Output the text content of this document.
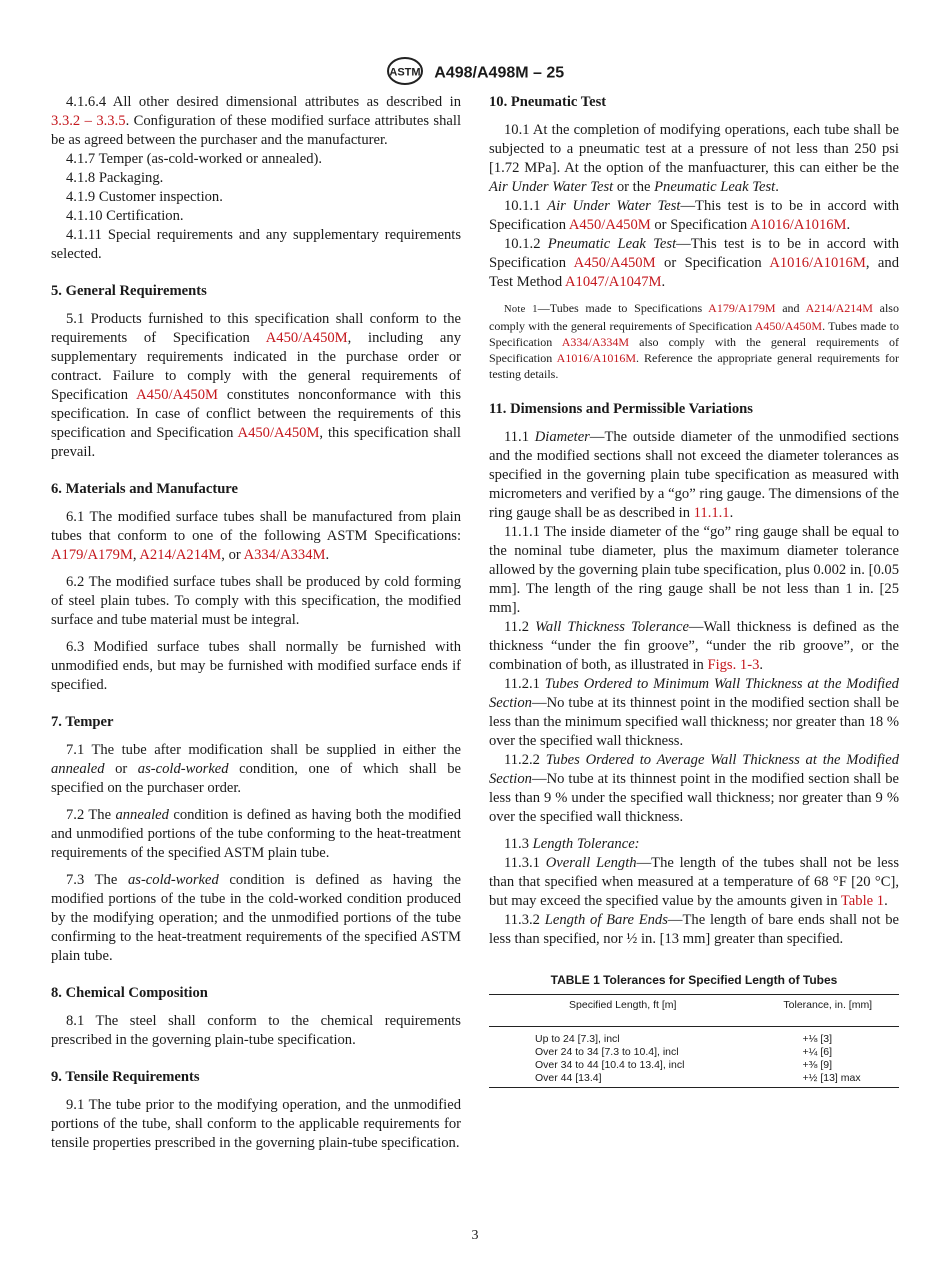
ASTM A498/A498M – 25

4.1.6.4 All other desired dimensional attributes as described in 3.3.2 – 3.3.5. Configuration of these modified surface attributes shall be as agreed between the purchaser and the manufacturer.

4.1.7 Temper (as-cold-worked or annealed).

4.1.8 Packaging.

4.1.9 Customer inspection.

4.1.10 Certification.

4.1.11 Special requirements and any supplementary requirements selected.

5. General Requirements

5.1 Products furnished to this specification shall conform to the requirements of Specification A450/A450M, including any supplementary requirements indicated in the purchase order or contract. Failure to comply with the general requirements of Specification A450/A450M constitutes nonconformance with this specification. In case of conflict between the requirements of this specification and Specification A450/A450M, this specification shall prevail.

6. Materials and Manufacture

6.1 The modified surface tubes shall be manufactured from plain tubes that conform to one of the following ASTM Specifications: A179/A179M, A214/A214M, or A334/A334M.

6.2 The modified surface tubes shall be produced by cold forming of steel plain tubes. To comply with this specification, the modified surface and tube material must be integral.

6.3 Modified surface tubes shall normally be furnished with unmodified ends, but may be furnished with modified surface ends if specified.

7. Temper

7.1 The tube after modification shall be supplied in either the annealed or as-cold-worked condition, one of which shall be specified on the purchaser order.

7.2 The annealed condition is defined as having both the modified and unmodified portions of the tube conforming to the heat-treatment requirements of the specified ASTM plain tube.

7.3 The as-cold-worked condition is defined as having the modified portions of the tube in the cold-worked condition produced by the modifying operation; and the unmodified portions of the tube confirming to the heat-treatment requirements of the specified ASTM plain tube.

8. Chemical Composition

8.1 The steel shall conform to the chemical requirements prescribed in the governing plain-tube specification.

9. Tensile Requirements

9.1 The tube prior to the modifying operation, and the unmodified portions of the tube, shall conform to the applicable requirements for tensile properties prescribed in the governing plain-tube specification.

10. Pneumatic Test

10.1 At the completion of modifying operations, each tube shall be subjected to a pneumatic test at a pressure of not less than 250 psi [1.72 MPa]. At the option of the manfuacturer, this can either be the Air Under Water Test or the Pneumatic Leak Test.

10.1.1 Air Under Water Test—This test is to be in accord with Specification A450/A450M or Specification A1016/A1016M.

10.1.2 Pneumatic Leak Test—This test is to be in accord with Specification A450/A450M or Specification A1016/A1016M, and Test Method A1047/A1047M.

Note 1—Tubes made to Specifications A179/A179M and A214/A214M also comply with the general requirements of Specification A450/A450M. Tubes made to Specification A334/A334M also comply with the general requirements of Specification A1016/A1016M. Reference the appropriate general requirements for testing details.

11. Dimensions and Permissible Variations

11.1 Diameter—The outside diameter of the unmodified sections and the modified sections shall not exceed the diameter tolerances as specified in the governing plain tube specification as measured with micrometers and verified by a “go” ring gauge. The dimensions of the ring gauge shall be as described in 11.1.1.

11.1.1 The inside diameter of the “go” ring gauge shall be equal to the nominal tube diameter, plus the maximum diameter tolerance allowed by the governing plain tube specification, plus 0.002 in. [0.05 mm]. The length of the ring gauge shall be not less than 1 in. [25 mm].

11.2 Wall Thickness Tolerance—Wall thickness is defined as the thickness “under the fin groove”, “under the rib groove”, or the combination of both, as illustrated in Figs. 1-3.

11.2.1 Tubes Ordered to Minimum Wall Thickness at the Modified Section—No tube at its thinnest point in the modified section shall be less than the minimum specified wall thickness; nor greater than 18 % over the specified wall thickness.

11.2.2 Tubes Ordered to Average Wall Thickness at the Modified Section—No tube at its thinnest point in the modified section shall be less than 9 % under the specified wall thickness; nor greater than 9 % over the specified wall thickness.

11.3 Length Tolerance:

11.3.1 Overall Length—The length of the tubes shall not be less than that specified when measured at a temperature of 68 °F [20 °C], but may exceed the specified value by the amounts given in Table 1.

11.3.2 Length of Bare Ends—The length of bare ends shall not be less than specified, nor ½ in. [13 mm] greater than specified.

TABLE 1 Tolerances for Specified Length of Tubes
Specified Length, ft [m]	Tolerance, in. [mm]
Up to 24 [7.3], incl	+⅛ [3]
Over 24 to 34 [7.3 to 10.4], incl	+¼ [6]
Over 34 to 44 [10.4 to 13.4], incl	+⅜ [9]
Over 44 [13.4]	+½ [13] max
3
